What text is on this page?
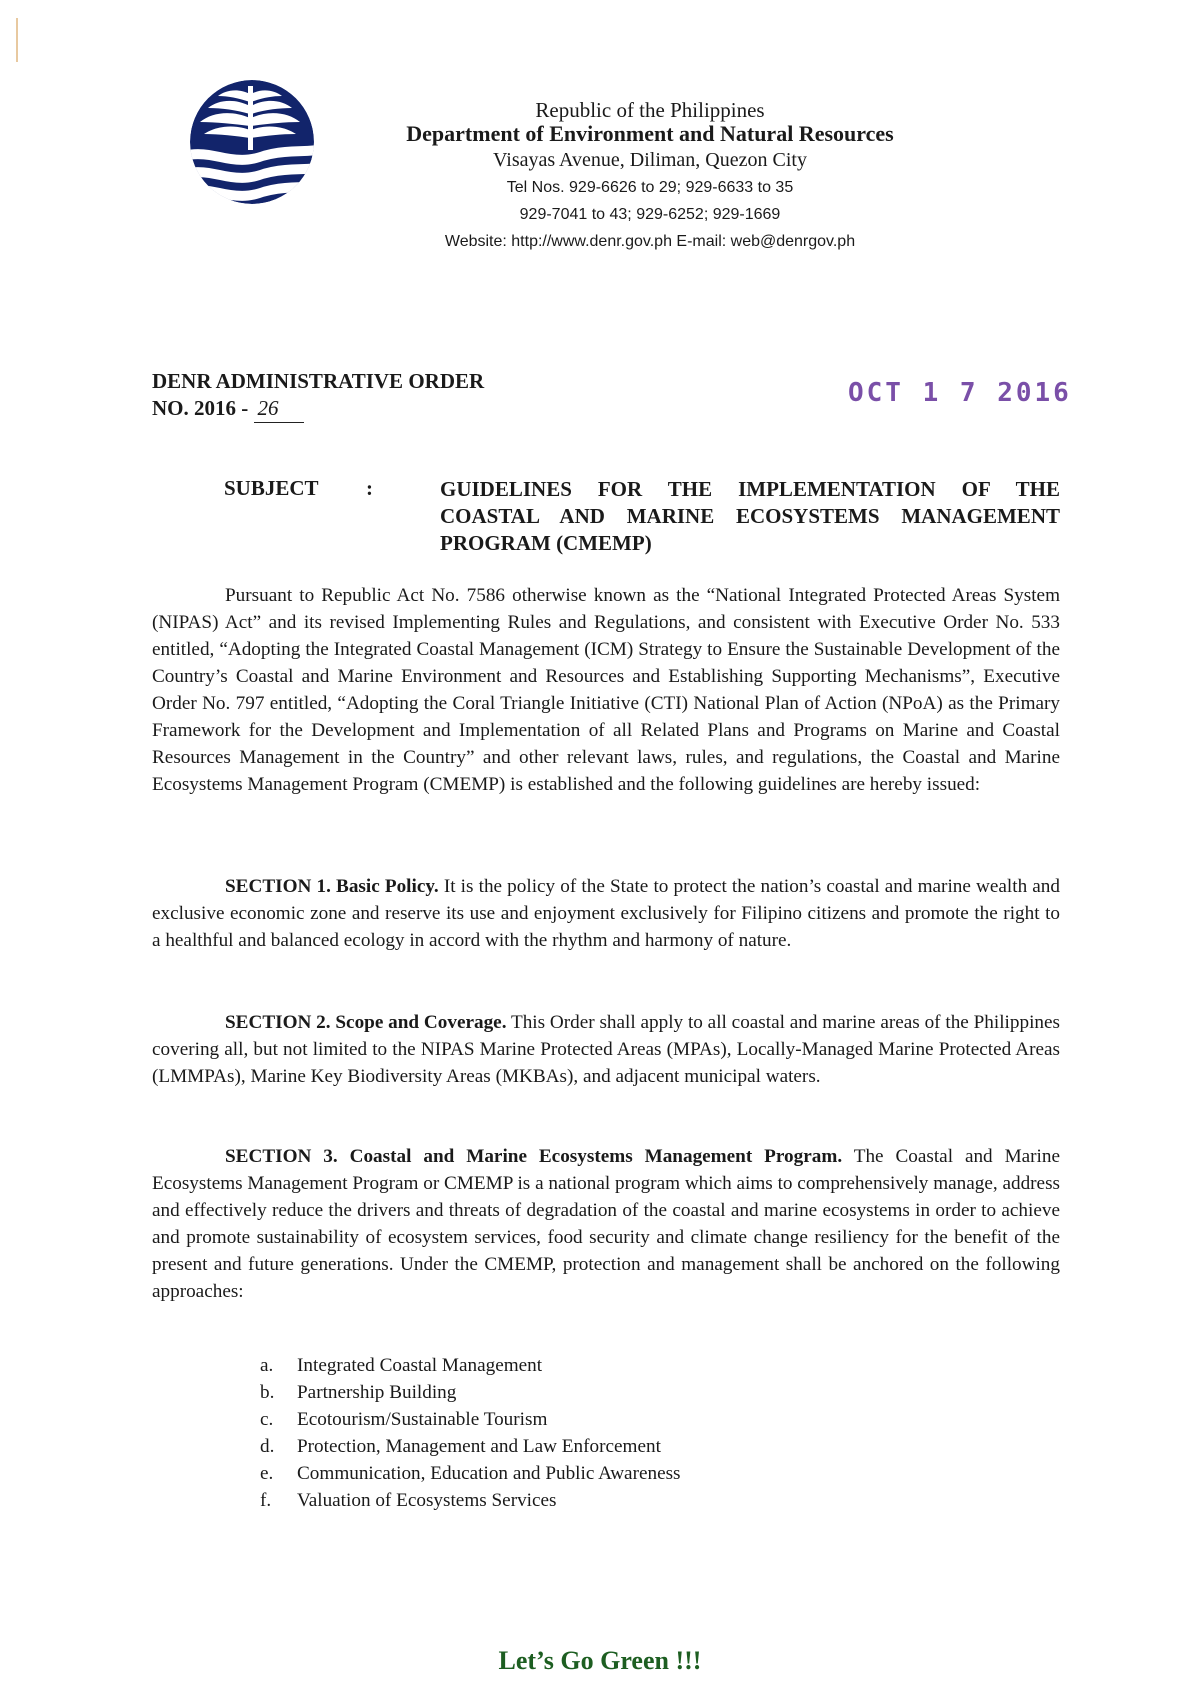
Republic of the Philippines
Department of Environment and Natural Resources
Visayas Avenue, Diliman, Quezon City
Tel Nos. 929-6626 to 29; 929-6633 to 35
929-7041 to 43; 929-6252; 929-1669
Website: http://www.denr.gov.ph E-mail: web@denrgov.ph
DENR ADMINISTRATIVE ORDER
NO. 2016 - 26	OCT 1 7 2016
SUBJECT :	GUIDELINES FOR THE IMPLEMENTATION OF THE COASTAL AND MARINE ECOSYSTEMS MANAGEMENT PROGRAM (CMEMP)

Pursuant to Republic Act No. 7586 otherwise known as the “National Integrated Protected Areas System (NIPAS) Act” and its revised Implementing Rules and Regulations, and consistent with Executive Order No. 533 entitled, “Adopting the Integrated Coastal Management (ICM) Strategy to Ensure the Sustainable Development of the Country’s Coastal and Marine Environment and Resources and Establishing Supporting Mechanisms”, Executive Order No. 797 entitled, “Adopting the Coral Triangle Initiative (CTI) National Plan of Action (NPoA) as the Primary Framework for the Development and Implementation of all Related Plans and Programs on Marine and Coastal Resources Management in the Country” and other relevant laws, rules, and regulations, the Coastal and Marine Ecosystems Management Program (CMEMP) is established and the following guidelines are hereby issued:

SECTION 1. Basic Policy. It is the policy of the State to protect the nation’s coastal and marine wealth and exclusive economic zone and reserve its use and enjoyment exclusively for Filipino citizens and promote the right to a healthful and balanced ecology in accord with the rhythm and harmony of nature.

SECTION 2. Scope and Coverage. This Order shall apply to all coastal and marine areas of the Philippines covering all, but not limited to the NIPAS Marine Protected Areas (MPAs), Locally-Managed Marine Protected Areas (LMMPAs), Marine Key Biodiversity Areas (MKBAs), and adjacent municipal waters.

SECTION 3. Coastal and Marine Ecosystems Management Program. The Coastal and Marine Ecosystems Management Program or CMEMP is a national program which aims to comprehensively manage, address and effectively reduce the drivers and threats of degradation of the coastal and marine ecosystems in order to achieve and promote sustainability of ecosystem services, food security and climate change resiliency for the benefit of the present and future generations. Under the CMEMP, protection and management shall be anchored on the following approaches:

a.	Integrated Coastal Management
b.	Partnership Building
c.	Ecotourism/Sustainable Tourism
d.	Protection, Management and Law Enforcement
e.	Communication, Education and Public Awareness
f.	Valuation of Ecosystems Services
Let’s Go Green !!!
